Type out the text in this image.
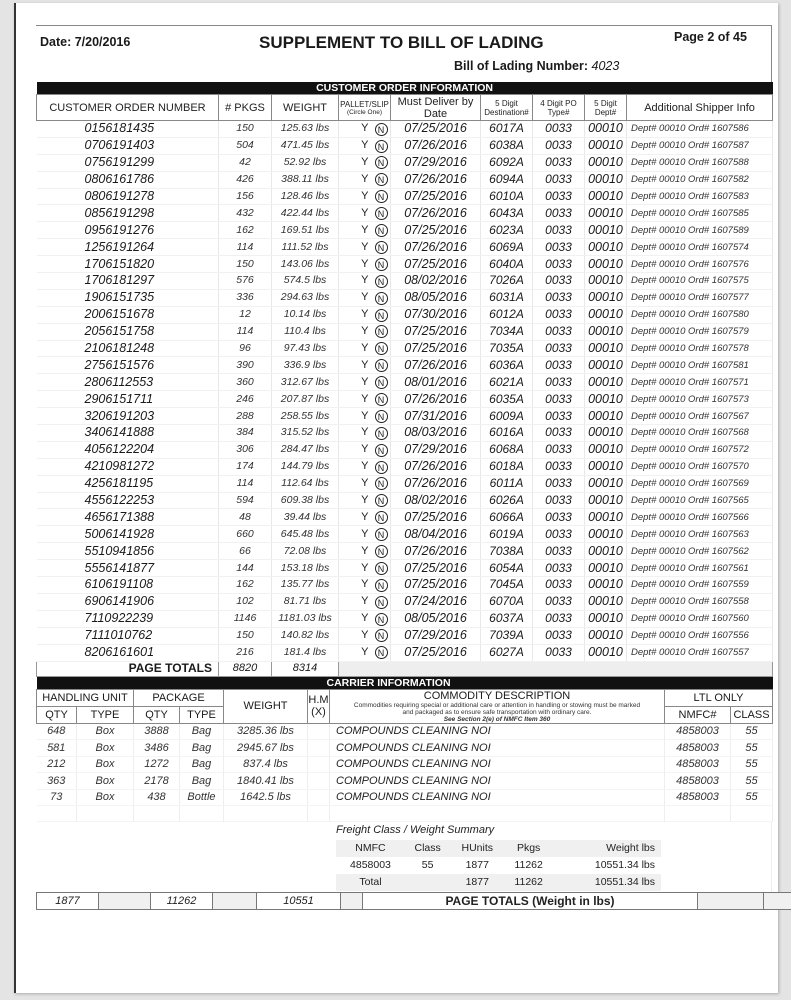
Date: 7/20/2016	SUPPLEMENT TO BILL OF LADING	Page 2 of 45
Bill of Lading Number: 4023
CUSTOMER ORDER INFORMATION									
CUSTOMER ORDER NUMBER	# PKGS	WEIGHT	PALLET/SLIP
(Circle One)		Must Deliver by Date	5 Digit Destination#	4 Digit PO Type#	5 Digit Dept#	Additional Shipper Info
0156181435	150	125.63 lbs	Y	N	07/25/2016	6017A	0033	00010	Dept# 00010 Ord# 1607586
0706191403	504	471.45 lbs	Y	N	07/26/2016	6038A	0033	00010	Dept# 00010 Ord# 1607587
0756191299	42	52.92 lbs	Y	N	07/29/2016	6092A	0033	00010	Dept# 00010 Ord# 1607588
0806161786	426	388.11 lbs	Y	N	07/26/2016	6094A	0033	00010	Dept# 00010 Ord# 1607582
0806191278	156	128.46 lbs	Y	N	07/25/2016	6010A	0033	00010	Dept# 00010 Ord# 1607583
0856191298	432	422.44 lbs	Y	N	07/26/2016	6043A	0033	00010	Dept# 00010 Ord# 1607585
0956191276	162	169.51 lbs	Y	N	07/25/2016	6023A	0033	00010	Dept# 00010 Ord# 1607589
1256191264	114	111.52 lbs	Y	N	07/26/2016	6069A	0033	00010	Dept# 00010 Ord# 1607574
1706151820	150	143.06 lbs	Y	N	07/25/2016	6040A	0033	00010	Dept# 00010 Ord# 1607576
1706181297	576	574.5 lbs	Y	N	08/02/2016	7026A	0033	00010	Dept# 00010 Ord# 1607575
1906151735	336	294.63 lbs	Y	N	08/05/2016	6031A	0033	00010	Dept# 00010 Ord# 1607577
2006151678	12	10.14 lbs	Y	N	07/30/2016	6012A	0033	00010	Dept# 00010 Ord# 1607580
2056151758	114	110.4 lbs	Y	N	07/25/2016	7034A	0033	00010	Dept# 00010 Ord# 1607579
2106181248	96	97.43 lbs	Y	N	07/25/2016	7035A	0033	00010	Dept# 00010 Ord# 1607578
2756151576	390	336.9 lbs	Y	N	07/26/2016	6036A	0033	00010	Dept# 00010 Ord# 1607581
2806112553	360	312.67 lbs	Y	N	08/01/2016	6021A	0033	00010	Dept# 00010 Ord# 1607571
2906151711	246	207.87 lbs	Y	N	07/26/2016	6035A	0033	00010	Dept# 00010 Ord# 1607573
3206191203	288	258.55 lbs	Y	N	07/31/2016	6009A	0033	00010	Dept# 00010 Ord# 1607567
3406141888	384	315.52 lbs	Y	N	08/03/2016	6016A	0033	00010	Dept# 00010 Ord# 1607568
4056122204	306	284.47 lbs	Y	N	07/29/2016	6068A	0033	00010	Dept# 00010 Ord# 1607572
4210981272	174	144.79 lbs	Y	N	07/26/2016	6018A	0033	00010	Dept# 00010 Ord# 1607570
4256181195	114	112.64 lbs	Y	N	07/26/2016	6011A	0033	00010	Dept# 00010 Ord# 1607569
4556122253	594	609.38 lbs	Y	N	08/02/2016	6026A	0033	00010	Dept# 00010 Ord# 1607565
4656171388	48	39.44 lbs	Y	N	07/25/2016	6066A	0033	00010	Dept# 00010 Ord# 1607566
5006141928	660	645.48 lbs	Y	N	08/04/2016	6019A	0033	00010	Dept# 00010 Ord# 1607563
5510941856	66	72.08 lbs	Y	N	07/26/2016	7038A	0033	00010	Dept# 00010 Ord# 1607562
5556141877	144	153.18 lbs	Y	N	07/25/2016	6054A	0033	00010	Dept# 00010 Ord# 1607561
6106191108	162	135.77 lbs	Y	N	07/25/2016	7045A	0033	00010	Dept# 00010 Ord# 1607559
6906141906	102	81.71 lbs	Y	N	07/24/2016	6070A	0033	00010	Dept# 00010 Ord# 1607558
7110922239	1146	1181.03 lbs	Y	N	08/05/2016	6037A	0033	00010	Dept# 00010 Ord# 1607560
7111010762	150	140.82 lbs	Y	N	07/29/2016	7039A	0033	00010	Dept# 00010 Ord# 1607556
8206161601	216	181.4 lbs	Y	N	07/25/2016	6027A	0033	00010	Dept# 00010 Ord# 1607557
PAGE TOTALS	8820	8314							
CARRIER INFORMATION								
HANDLING UNIT		PACKAGE		WEIGHT	H.M (X)	COMMODITY DESCRIPTION
Commodities requiring special or additional care or attention in handling or stowing must be marked and packaged as to ensure safe transportation with ordinary care.
See Section 2(e) of NMFC Item 360	LTL ONLY	
QTY	TYPE	QTY	TYPE				NMFC#	CLASS
648	Box	3888	Bag	3285.36 lbs		COMPOUNDS CLEANING NOI	4858003	55
581	Box	3486	Bag	2945.67 lbs		COMPOUNDS CLEANING NOI	4858003	55
212	Box	1272	Bag	837.4 lbs		COMPOUNDS CLEANING NOI	4858003	55
363	Box	2178	Bag	1840.41 lbs		COMPOUNDS CLEANING NOI	4858003	55
73	Box	438	Bottle	1642.5 lbs		COMPOUNDS CLEANING NOI	4858003	55

Freight Class / Weight Summary
NMFC	Class	HUnits	Pkgs	Weight lbs
4858003	55	1877	11262	10551.34 lbs
Total		1877	11262	10551.34 lbs
1877		11262		10551		PAGE TOTALS (Weight in lbs)		
